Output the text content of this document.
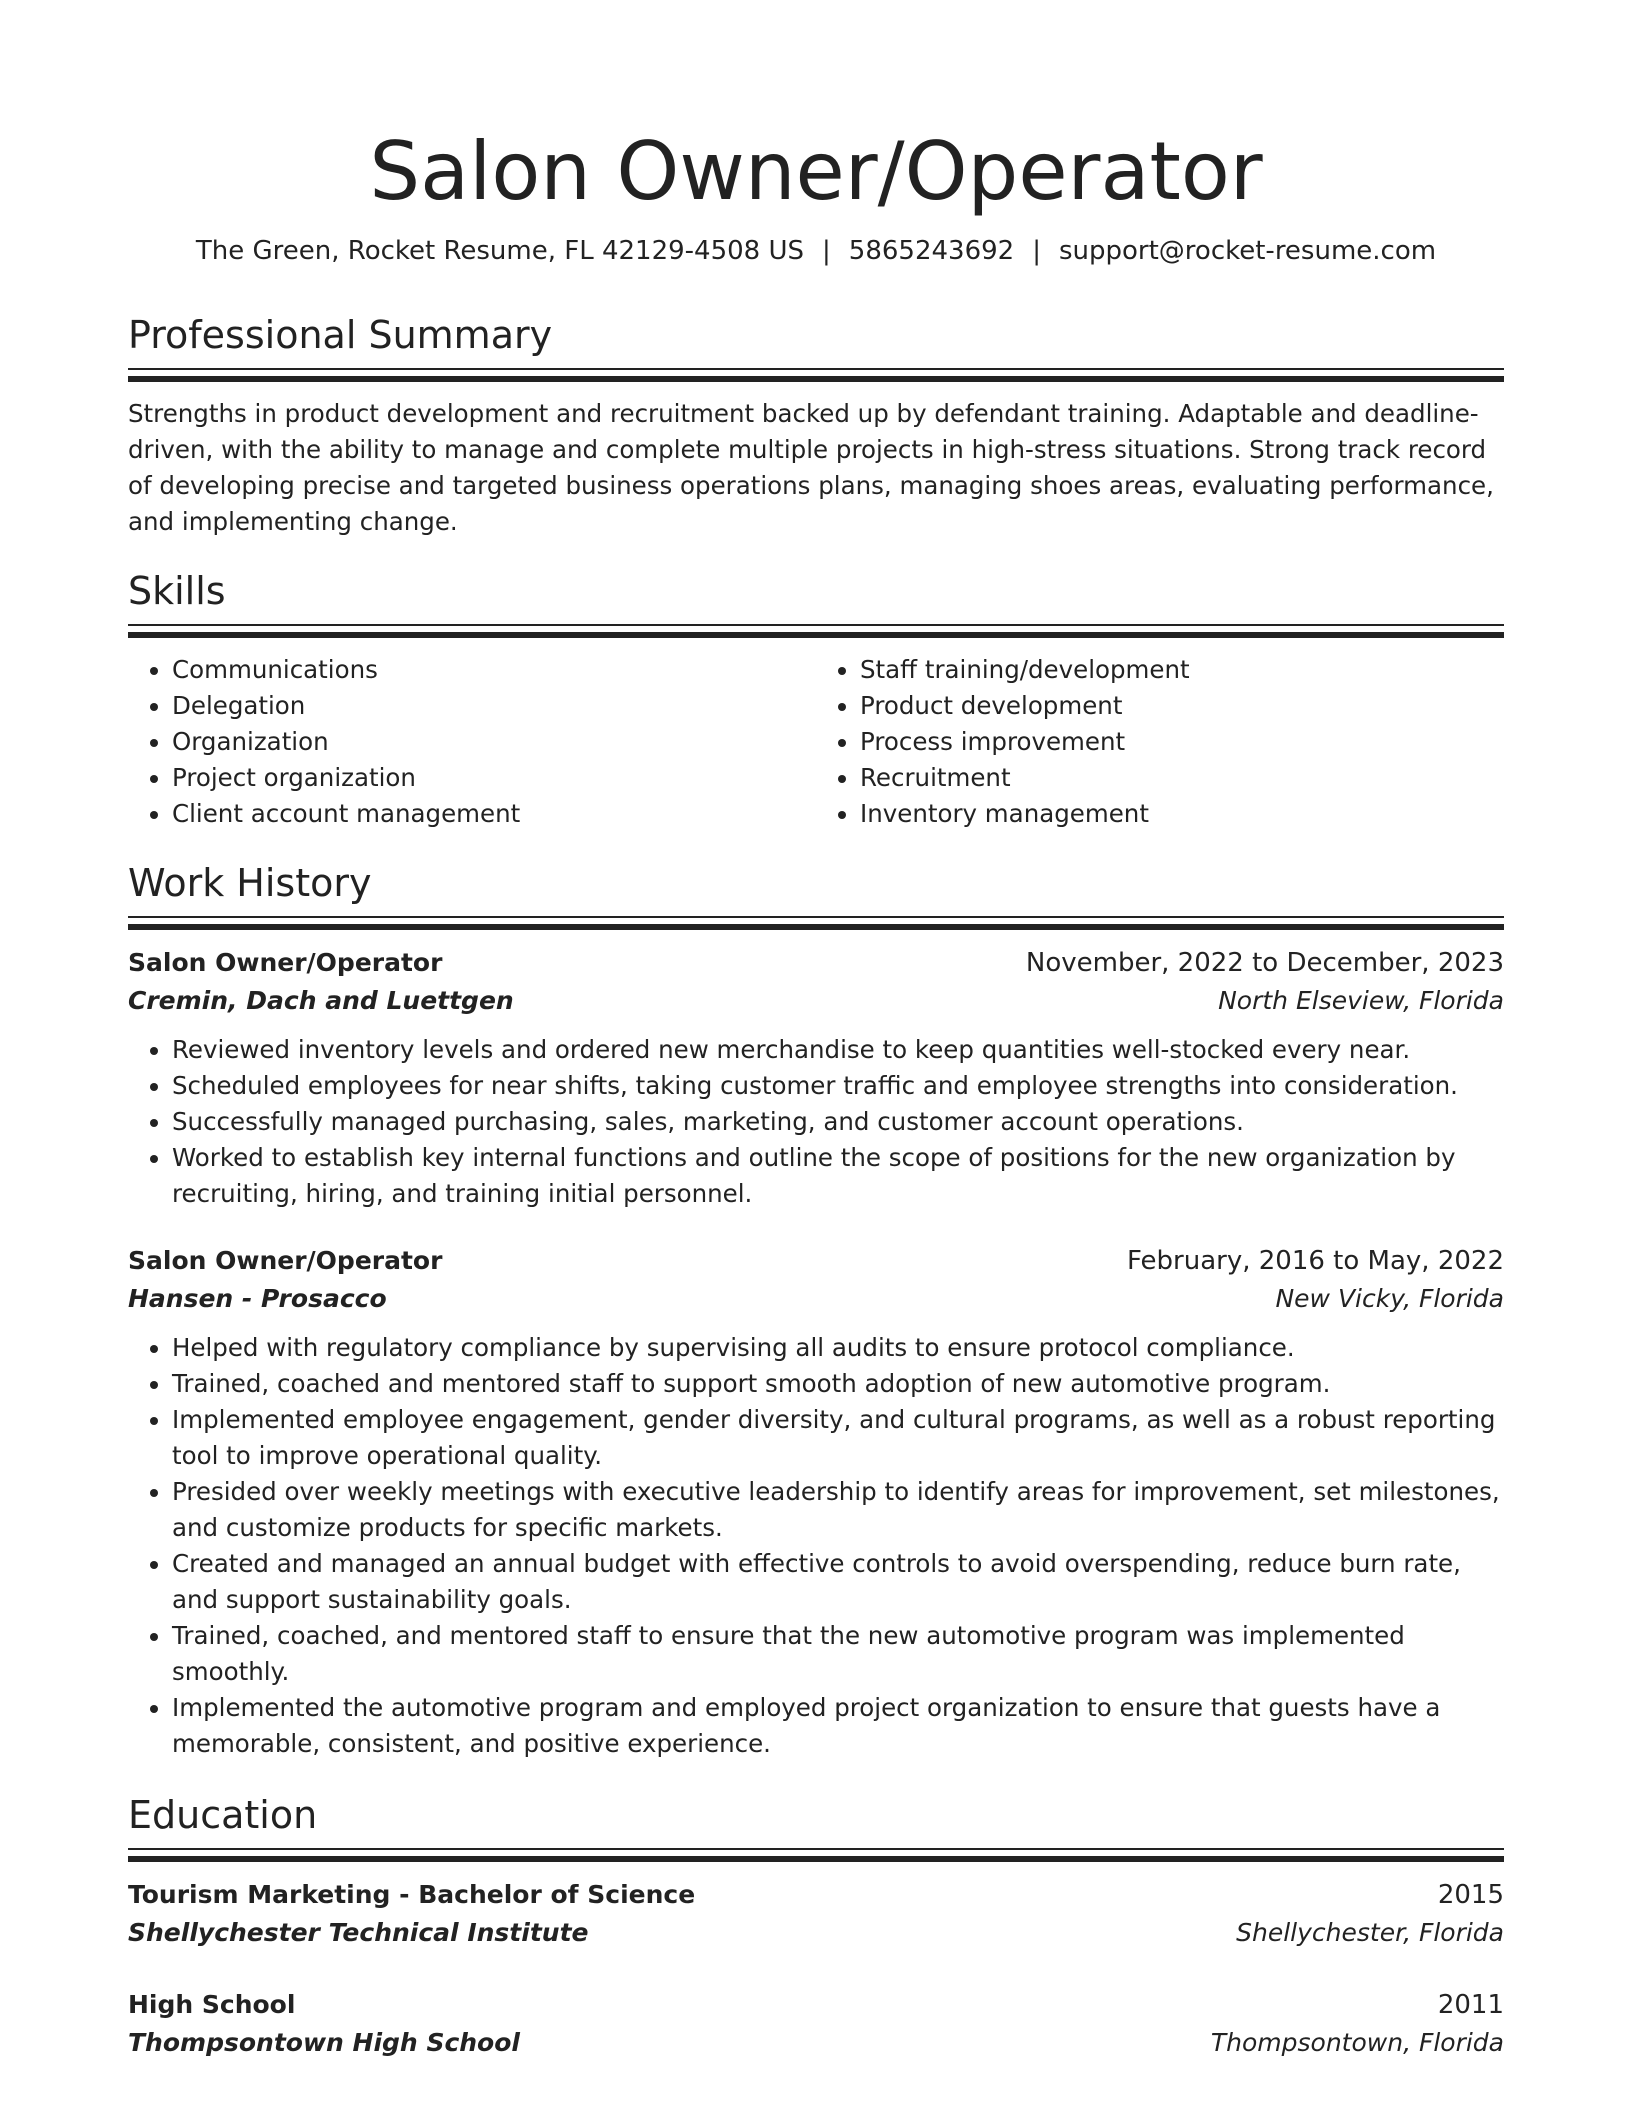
Salon Owner/Operator
The Green, Rocket Resume, FL 42129-4508 US | 5865243692 | support@rocket-resume.com
Professional Summary
Strengths in product development and recruitment backed up by defendant training. Adaptable and deadline-driven, with the ability to manage and complete multiple projects in high-stress situations. Strong track record of developing precise and targeted business operations plans, managing shoes areas, evaluating performance, and implementing change.
Skills
• Communications
• Delegation
• Organization
• Project organization
• Client account management
• Staff training/development
• Product development
• Process improvement
• Recruitment
• Inventory management
Work History
Salon Owner/Operator	November, 2022 to December, 2023
Cremin, Dach and Luettgen	North Elseview, Florida
• Reviewed inventory levels and ordered new merchandise to keep quantities well-stocked every near.
• Scheduled employees for near shifts, taking customer traffic and employee strengths into consideration.
• Successfully managed purchasing, sales, marketing, and customer account operations.
• Worked to establish key internal functions and outline the scope of positions for the new organization by recruiting, hiring, and training initial personnel.
Salon Owner/Operator	February, 2016 to May, 2022
Hansen - Prosacco	New Vicky, Florida
• Helped with regulatory compliance by supervising all audits to ensure protocol compliance.
• Trained, coached and mentored staff to support smooth adoption of new automotive program.
• Implemented employee engagement, gender diversity, and cultural programs, as well as a robust reporting tool to improve operational quality.
• Presided over weekly meetings with executive leadership to identify areas for improvement, set milestones, and customize products for specific markets.
• Created and managed an annual budget with effective controls to avoid overspending, reduce burn rate, and support sustainability goals.
• Trained, coached, and mentored staff to ensure that the new automotive program was implemented smoothly.
• Implemented the automotive program and employed project organization to ensure that guests have a memorable, consistent, and positive experience.
Education
Tourism Marketing - Bachelor of Science	2015
Shellychester Technical Institute	Shellychester, Florida
High School	2011
Thompsontown High School	Thompsontown, Florida
